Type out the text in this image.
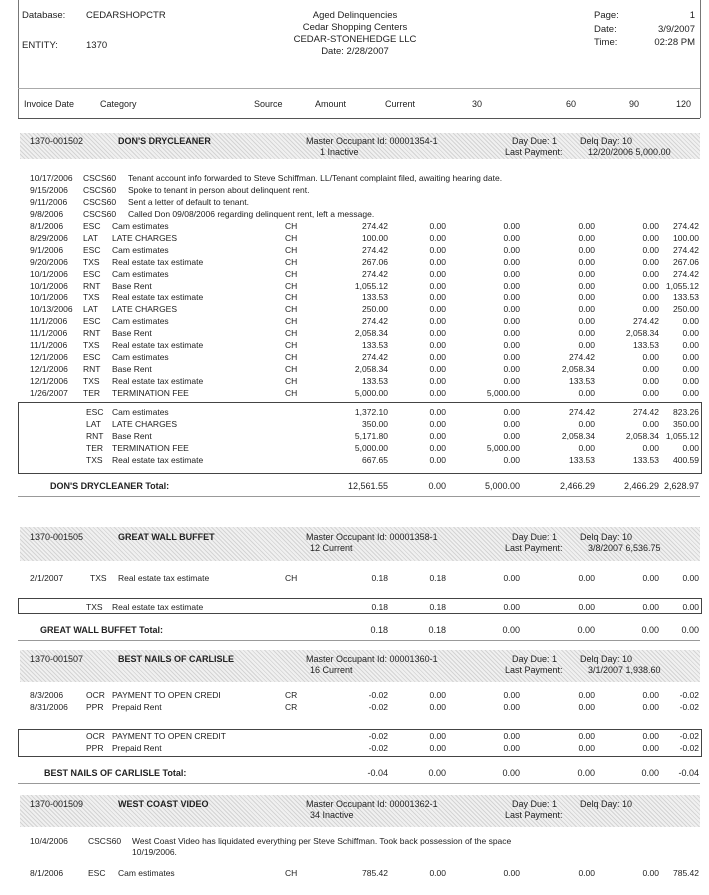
Database: CEDARSHOPCTR
ENTITY:	1370
Aged Delinquencies
Cedar Shopping Centers
CEDAR-STONEHEDGE LLC
Date: 2/28/2007
Page:	1
Date:	3/9/2007
Time:	02:28 PM
Invoice Date	Category	Source	Amount	Current	30	60	90	120
1370-001502	DON'S DRYCLEANER	Master Occupant Id: 00001354-1
1 Inactive
Day Due: 1	Delq Day: 10
Last Payment:	12/20/2006 5,000.00
10/17/2006 CSCS60 Tenant account info forwarded to Steve Schiffman. LL/Tenant complaint filed, awaiting hearing date.
9/15/2006 CSCS60 Spoke to tenant in person about delinquent rent.
9/11/2006 CSCS60 Sent a letter of default to tenant.
9/8/2006 CSCS60 Called Don 09/08/2006 regarding delinquent rent, left a message.
8/1/2006 ESC Cam estimates	CH	274.42	0.00	0.00	0.00	0.00	274.42
8/29/2006 LAT LATE CHARGES	CH	100.00	0.00	0.00	0.00	0.00	100.00
9/1/2006 ESC Cam estimates	CH	274.42	0.00	0.00	0.00	0.00	274.42
9/20/2006 TXS Real estate tax estimate	CH	267.06	0.00	0.00	0.00	0.00	267.06
10/1/2006 ESC Cam estimates	CH	274.42	0.00	0.00	0.00	0.00	274.42
10/1/2006 RNT Base Rent	CH	1,055.12	0.00	0.00	0.00	0.00 1,055.12
10/1/2006 TXS Real estate tax estimate	CH	133.53	0.00	0.00	0.00	0.00	133.53
10/13/2006 LAT LATE CHARGES	CH	250.00	0.00	0.00	0.00	0.00	250.00
11/1/2006 ESC Cam estimates	CH	274.42	0.00	0.00	0.00	274.42	0.00
11/1/2006 RNT Base Rent	CH	2,058.34	0.00	0.00	0.00	2,058.34	0.00
11/1/2006 TXS Real estate tax estimate	CH	133.53	0.00	0.00	0.00	133.53	0.00
12/1/2006 ESC Cam estimates	CH	274.42	0.00	0.00	274.42	0.00	0.00
12/1/2006 RNT Base Rent	CH	2,058.34	0.00	0.00	2,058.34	0.00	0.00
12/1/2006 TXS Real estate tax estimate	CH	133.53	0.00	0.00	133.53	0.00	0.00
1/26/2007 TER TERMINATION FEE	CH	5,000.00	0.00	5,000.00	0.00	0.00	0.00
ESC Cam estimates	1,372.10	0.00	0.00	274.42	274.42	823.26
LAT LATE CHARGES	350.00	0.00	0.00	0.00	0.00	350.00
RNT Base Rent	5,171.80	0.00	0.00	2,058.34	2,058.34 1,055.12
TER TERMINATION FEE	5,000.00	0.00	5,000.00	0.00	0.00	0.00
TXS Real estate tax estimate	667.65	0.00	0.00	133.53	133.53	400.59
DON'S DRYCLEANER Total:	12,561.55	0.00	5,000.00	2,466.29	2,466.29 2,628.97
1370-001505	GREAT WALL BUFFET	Master Occupant Id: 00001358-1
12 Current
Day Due: 1	Delq Day: 10
Last Payment:	3/8/2007 6,536.75
2/1/2007	TXS Real estate tax estimate	CH	0.18	0.18	0.00	0.00	0.00	0.00
TXS Real estate tax estimate	0.18	0.18	0.00	0.00	0.00	0.00
GREAT WALL BUFFET Total:	0.18	0.18	0.00	0.00	0.00	0.00
1370-001507	BEST NAILS OF CARLISLE	Master Occupant Id: 00001360-1
16 Current
Day Due: 1	Delq Day: 10
Last Payment:	3/1/2007 1,938.60
8/3/2006	OCR PAYMENT TO OPEN CREDI	CR	-0.02	0.00	0.00	0.00	0.00	-0.02
8/31/2006 PPR Prepaid Rent	CR	-0.02	0.00	0.00	0.00	0.00	-0.02
OCR PAYMENT TO OPEN CREDIT	-0.02	0.00	0.00	0.00	0.00	-0.02
PPR Prepaid Rent	-0.02	0.00	0.00	0.00	0.00	-0.02
BEST NAILS OF CARLISLE Total:	-0.04	0.00	0.00	0.00	0.00	-0.04
1370-001509	WEST COAST VIDEO	Master Occupant Id: 00001362-1
34 Inactive
Day Due: 1	Delq Day: 10
Last Payment:
10/4/2006 CSCS60 West Coast Video has liquidated everything per Steve Schiffman. Took back possession of the space
10/19/2006.
8/1/2006	ESC Cam estimates	CH	785.42	0.00	0.00	0.00	0.00	785.42
